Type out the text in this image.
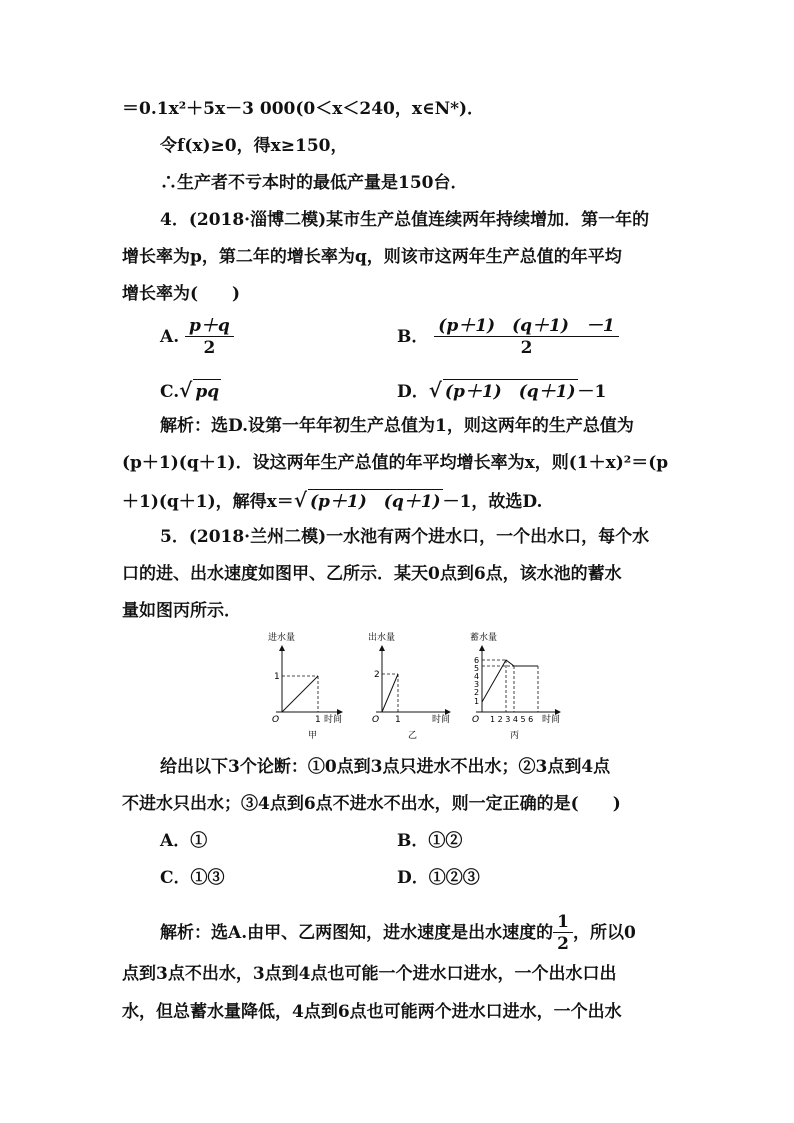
＝0.1x²＋5x－3 000(0＜x＜240，x∈N*)．
令f(x)≥0，得x≥150，
∴生产者不亏本时的最低产量是150台．
4．(2018·淄博二模)某市生产总值连续两年持续增加．第一年的
增长率为p，第二年的增长率为q，则该市这两年生产总值的年平均
增长率为(　　)
A. $\frac{p+q}{2}$	B． $\frac{(p+1) (q+1) -1}{2}$
C.√ pq	D．√ (p＋1)　(q＋1) －1
解析：选D.设第一年年初生产总值为1，则这两年的生产总值为
(p＋1)(q＋1)．设这两年生产总值的年平均增长率为x，则(1＋x)²＝(p
＋1)(q＋1)，解得x＝√ (p＋1)　(q＋1) －1，故选D.
5．(2018·兰州二模)一水池有两个进水口，一个出水口，每个水
口的进、出水速度如图甲、乙所示．某天0点到6点，该水池的蓄水
量如图丙所示．
进水量
O
1
1 时间
甲
出水量
O
2
1	时间
乙
蓄水量
O
6
5
4
3
2
1
1 2 3 4 5 6 时间
丙
给出以下3个论断：①0点到3点只进水不出水；②3点到4点
不进水只出水；③4点到6点不进水不出水，则一定正确的是(　　)
A．①	B．①②
C．①③	D．①②③
解析：选A.由甲、乙两图知，进水速度是出水速度的 $\frac{1}{2}$ ，所以0
点到3点不出水，3点到4点也可能一个进水口进水，一个出水口出
水，但总蓄水量降低，4点到6点也可能两个进水口进水，一个出水
